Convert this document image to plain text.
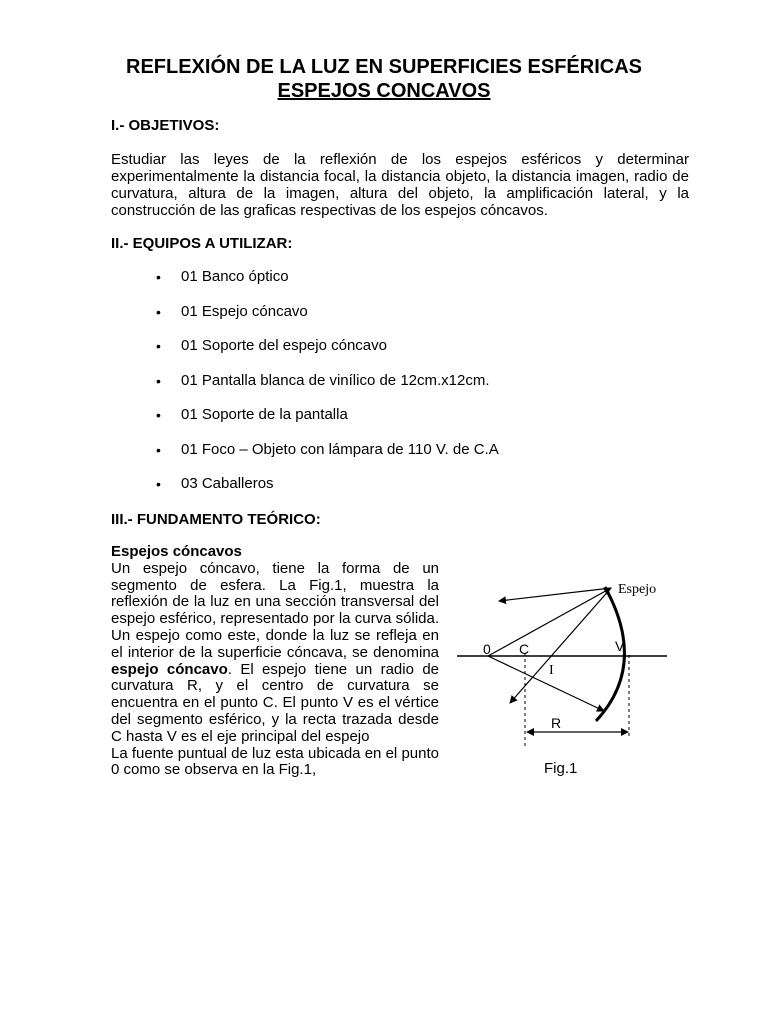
REFLEXIÓN DE LA LUZ EN SUPERFICIES ESFÉRICAS
ESPEJOS CONCAVOS
I.- OBJETIVOS:

Estudiar las leyes de la reflexión de los espejos esféricos y determinar experimentalmente la distancia focal, la distancia objeto, la distancia imagen, radio de curvatura, altura de la imagen, altura del objeto, la amplificación lateral, y la construcción de las graficas respectivas de los espejos cóncavos.

II.- EQUIPOS A UTILIZAR:
• 01 Banco óptico
• 01 Espejo cóncavo
• 01 Soporte del espejo cóncavo
• 01 Pantalla blanca de vinílico de 12cm.x12cm.
• 01 Soporte de la pantalla
• 01 Foco – Objeto con lámpara de 110 V. de C.A
• 03 Caballeros
III.- FUNDAMENTO TEÓRICO:
Espejos cóncavos

Un espejo cóncavo, tiene la forma de un segmento de esfera. La Fig.1, muestra la reflexión de la luz en una sección transversal del espejo esférico, representado por la curva sólida. Un espejo como este, donde la luz se refleja en el interior de la superficie cóncava, se denomina espejo cóncavo. El espejo tiene un radio de curvatura R, y el centro de curvatura se encuentra en el punto C. El punto V es el vértice del segmento esférico, y la recta trazada desde C hasta V es el eje principal del espejo

La fuente puntual de luz esta ubicada en el punto 0 como se observa en la Fig.1,

Espejo
0 C
I
V
R
Fig.1
